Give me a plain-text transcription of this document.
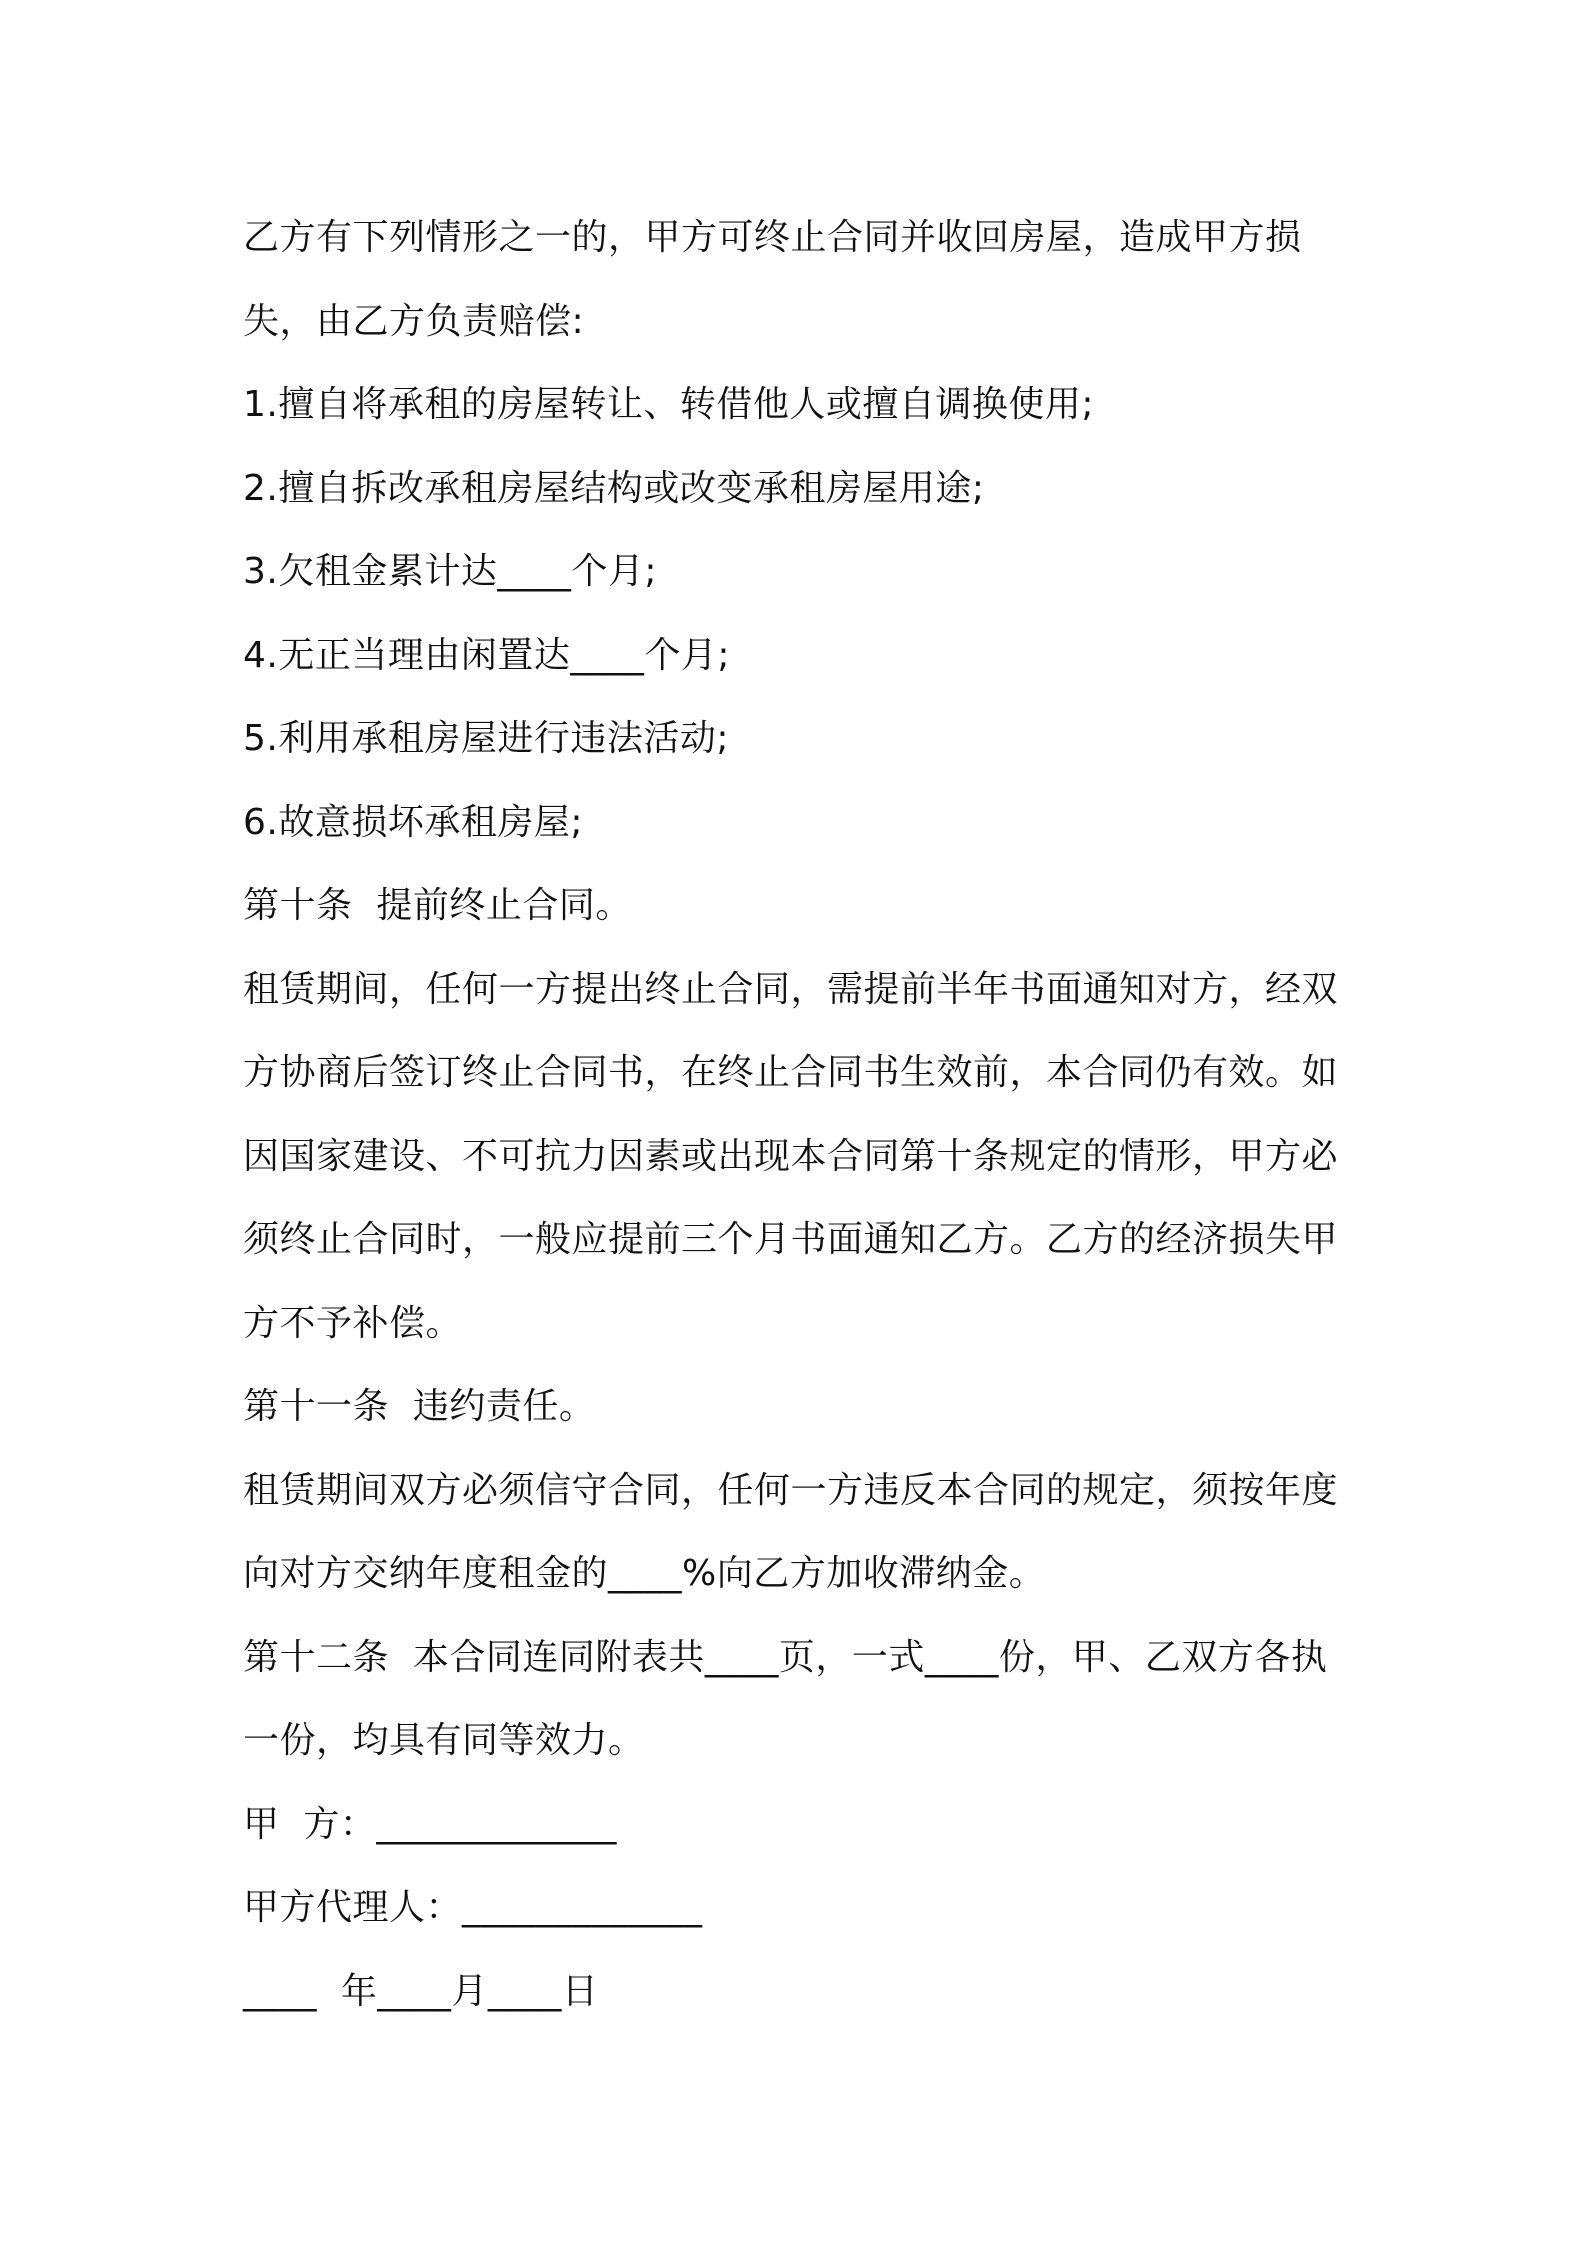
乙方有下列情形之一的，甲方可终止合同并收回房屋，造成甲方损失，由乙方负责赔偿:

1.擅自将承租的房屋转让、转借他人或擅自调换使用;

2.擅自拆改承租房屋结构或改变承租房屋用途;

3.欠租金累计达____个月;

4.无正当理由闲置达____个月;

5.利用承租房屋进行违法活动;

6.故意损坏承租房屋;

第十条  提前终止合同。

租赁期间，任何一方提出终止合同，需提前半年书面通知对方，经双方协商后签订终止合同书，在终止合同书生效前，本合同仍有效。如因国家建设、不可抗力因素或出现本合同第十条规定的情形，甲方必须终止合同时，一般应提前三个月书面通知乙方。乙方的经济损失甲方不予补偿。

第十一条  违约责任。

租赁期间双方必须信守合同，任何一方违反本合同的规定，须按年度向对方交纳年度租金的____%向乙方加收滞纳金。

第十二条  本合同连同附表共____页，一式____份，甲、乙双方各执一份，均具有同等效力。

甲  方：_____________

甲方代理人：_____________

____  年____月____日
